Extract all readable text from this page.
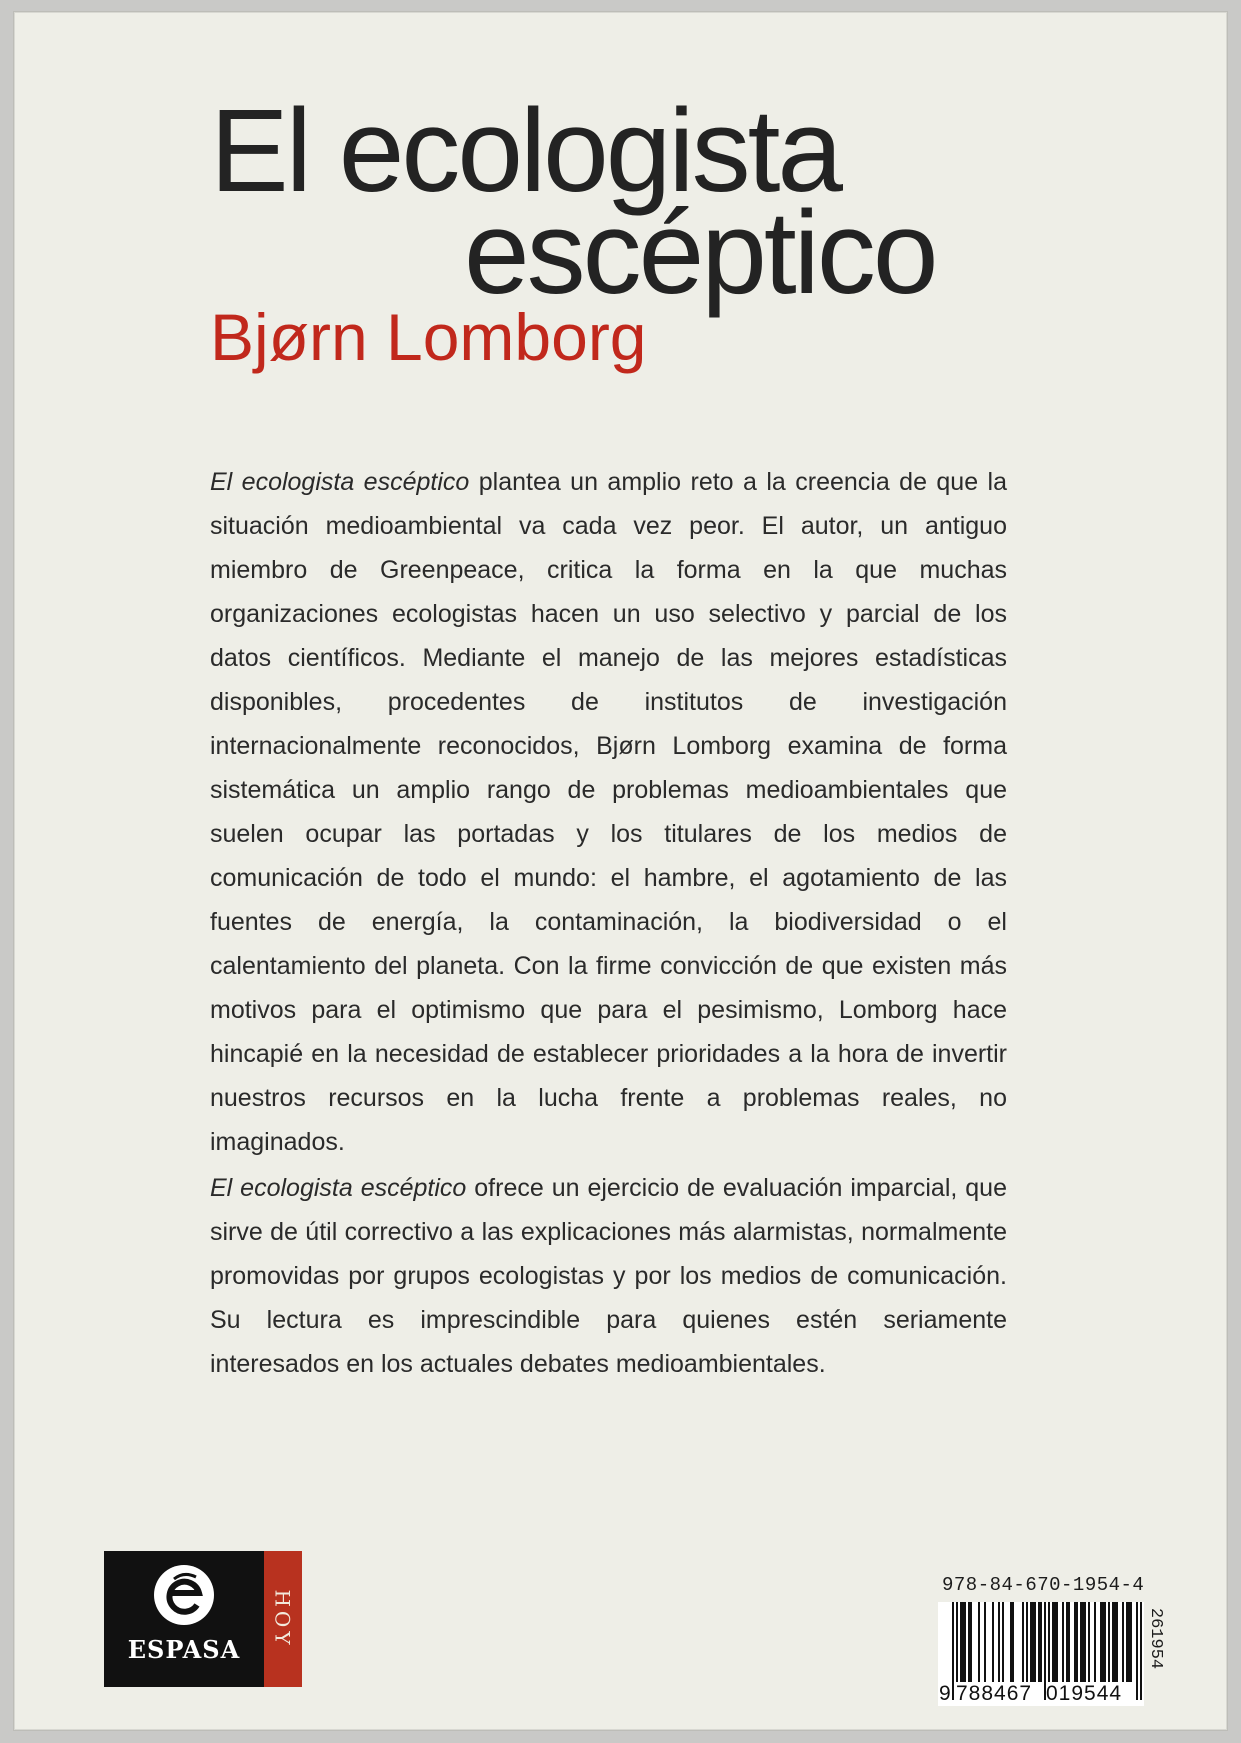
El ecologista
escéptico
Bjørn Lomborg

El ecologista escéptico plantea un amplio reto a la creencia de que la situación medioambiental va cada vez peor. El autor, un antiguo miembro de Greenpeace, critica la forma en la que muchas organizaciones ecologistas hacen un uso selectivo y parcial de los datos científicos. Mediante el manejo de las mejores estadísticas disponibles, procedentes de institutos de investigación internacionalmente reconocidos, Bjørn Lomborg examina de forma sistemática un amplio rango de problemas medioambientales que suelen ocupar las portadas y los titulares de los medios de comunicación de todo el mundo: el hambre, el agotamiento de las fuentes de energía, la contaminación, la biodiversidad o el calentamiento del planeta. Con la firme convicción de que existen más motivos para el optimismo que para el pesimismo, Lomborg hace hincapié en la necesidad de establecer prioridades a la hora de invertir nuestros recursos en la lucha frente a problemas reales, no imaginados.

El ecologista escéptico ofrece un ejercicio de evaluación imparcial, que sirve de útil correctivo a las explicaciones más alarmistas, normalmente promovidas por grupos ecologistas y por los medios de comunicación. Su lectura es imprescindible para quienes estén seriamente interesados en los actuales debates medioambientales.

ESPASA
HOY
978-84-670-1954-4
9 788467 019544
261954
